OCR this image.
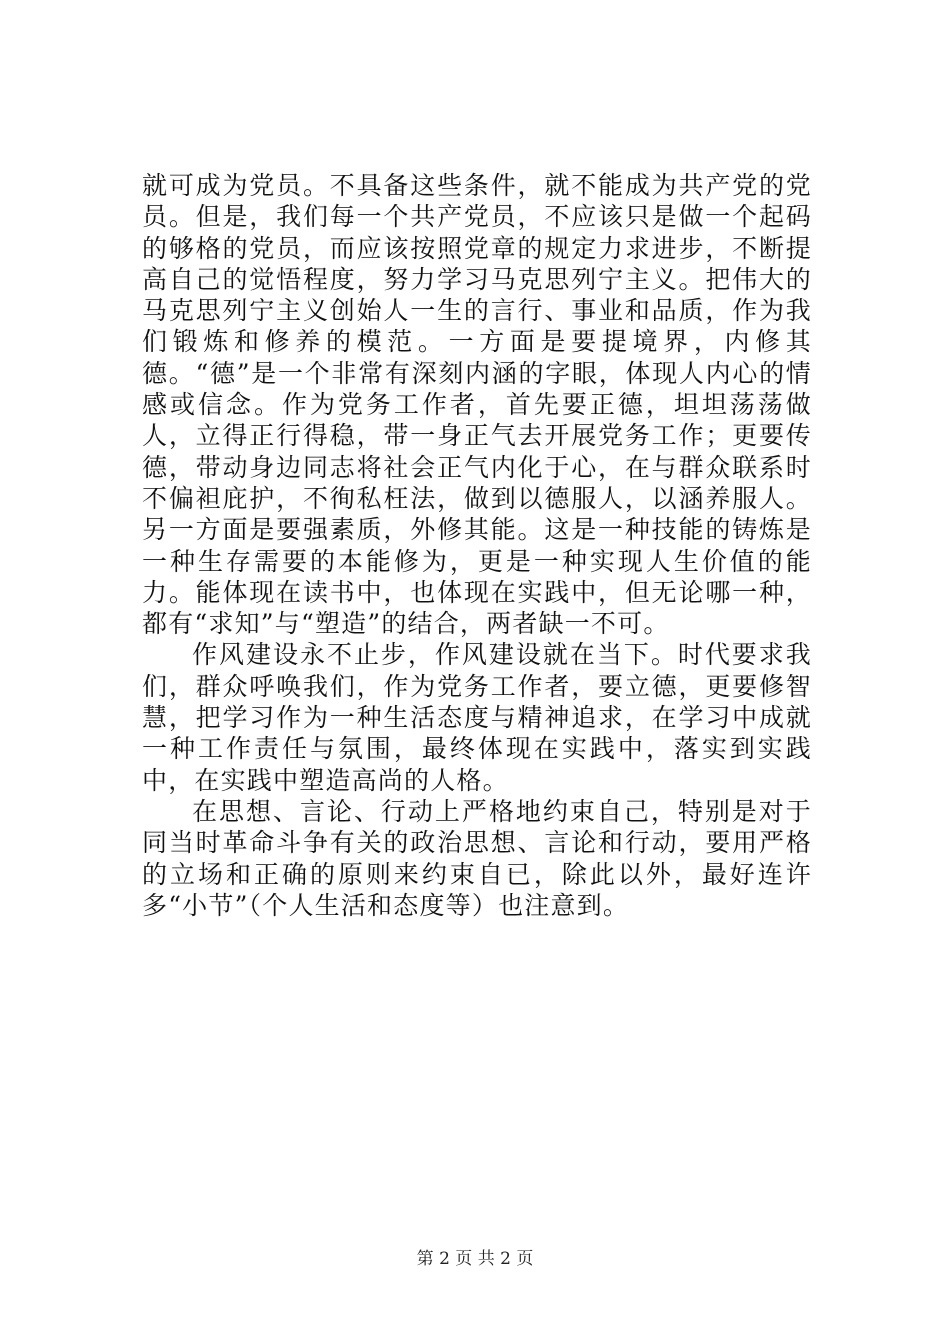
就可成为党员。不具备这些条件，就不能成为共产党的党员。但是，我们每一个共产党员，不应该只是做一个起码的够格的党员，而应该按照党章的规定力求进步，不断提高自己的觉悟程度，努力学习马克思列宁主义。把伟大的马克思列宁主义创始人一生的言行、事业和品质，作为我们锻炼和修养的模范。一方面是要提境界，内修其德。“德”是一个非常有深刻内涵的字眼，体现人内心的情感或信念。作为党务工作者，首先要正德，坦坦荡荡做人，立得正行得稳，带一身正气去开展党务工作；更要传德，带动身边同志将社会正气内化于心，在与群众联系时不偏袒庇护，不徇私枉法，做到以德服人，以涵养服人。另一方面是要强素质，外修其能。这是一种技能的铸炼是一种生存需要的本能修为，更是一种实现人生价值的能力。能体现在读书中，也体现在实践中，但无论哪一种，都有“求知”与“塑造”的结合，两者缺一不可。

作风建设永不止步，作风建设就在当下。时代要求我们，群众呼唤我们，作为党务工作者，要立德，更要修智慧，把学习作为一种生活态度与精神追求，在学习中成就一种工作责任与氛围，最终体现在实践中，落实到实践中，在实践中塑造高尚的人格。

在思想、言论、行动上严格地约束自己，特别是对于同当时革命斗争有关的政治思想、言论和行动，要用严格的立场和正确的原则来约束自已，除此以外，最好连许多“小节”（个人生活和态度等）也注意到。

第 2 页 共 2 页
